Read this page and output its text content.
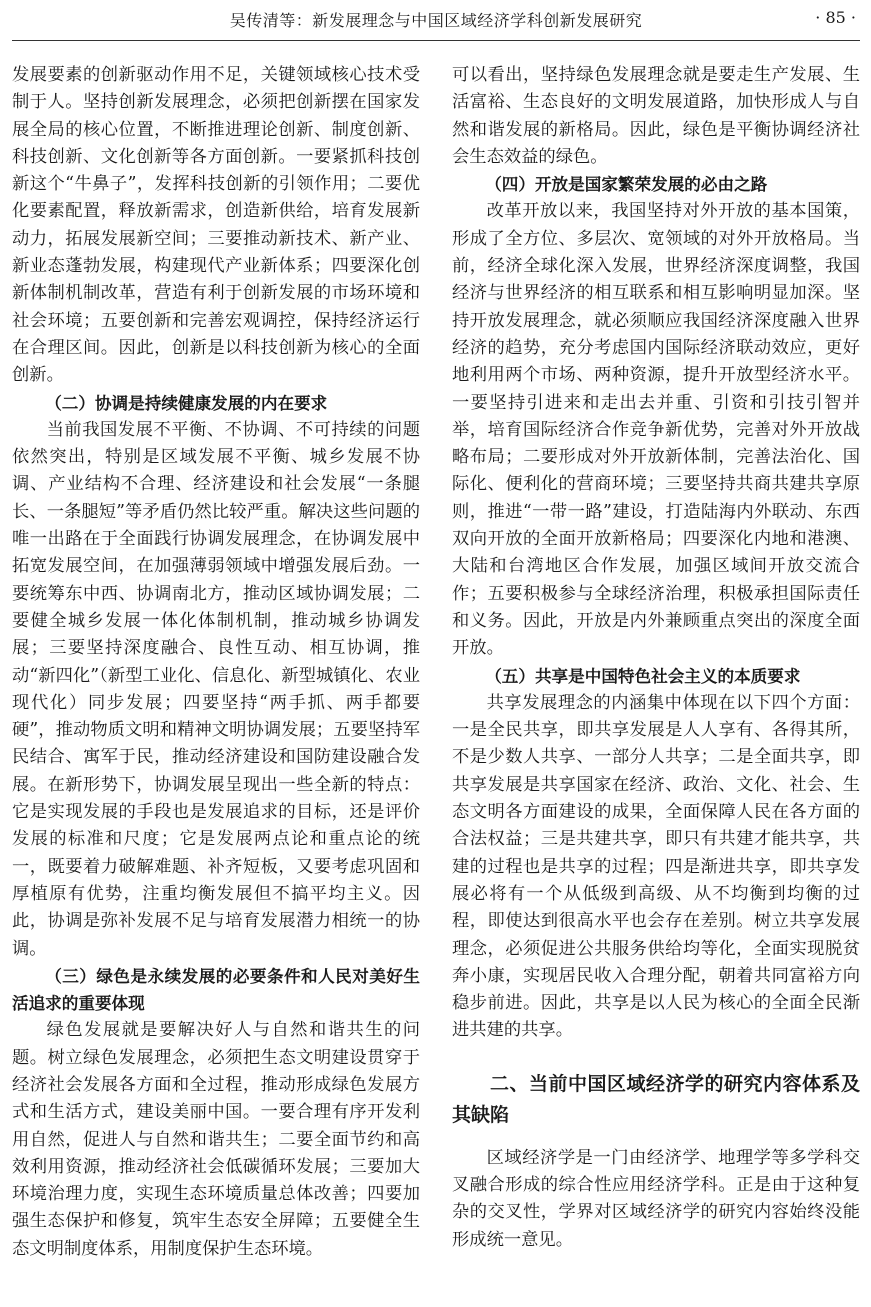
吴传清等：新发展理念与中国区域经济学科创新发展研究	· 85 ·

发展要素的创新驱动作用不足，关键领域核心技术受制于人。坚持创新发展理念，必须把创新摆在国家发展全局的核心位置，不断推进理论创新、制度创新、科技创新、文化创新等各方面创新。一要紧抓科技创新这个“牛鼻子”，发挥科技创新的引领作用；二要优化要素配置，释放新需求，创造新供给，培育发展新动力，拓展发展新空间；三要推动新技术、新产业、新业态蓬勃发展，构建现代产业新体系；四要深化创新体制机制改革，营造有利于创新发展的市场环境和社会环境；五要创新和完善宏观调控，保持经济运行在合理区间。因此，创新是以科技创新为核心的全面创新。

（二）协调是持续健康发展的内在要求

当前我国发展不平衡、不协调、不可持续的问题依然突出，特别是区域发展不平衡、城乡发展不协调、产业结构不合理、经济建设和社会发展“一条腿长、一条腿短”等矛盾仍然比较严重。解决这些问题的唯一出路在于全面践行协调发展理念，在协调发展中拓宽发展空间，在加强薄弱领域中增强发展后劲。一要统筹东中西、协调南北方，推动区域协调发展；二要健全城乡发展一体化体制机制，推动城乡协调发展；三要坚持深度融合、良性互动、相互协调，推动“新四化”（新型工业化、信息化、新型城镇化、农业现代化）同步发展；四要坚持“两手抓、两手都要硬”，推动物质文明和精神文明协调发展；五要坚持军民结合、寓军于民，推动经济建设和国防建设融合发展。在新形势下，协调发展呈现出一些全新的特点：它是实现发展的手段也是发展追求的目标，还是评价发展的标准和尺度；它是发展两点论和重点论的统一，既要着力破解难题、补齐短板，又要考虑巩固和厚植原有优势，注重均衡发展但不搞平均主义。因此，协调是弥补发展不足与培育发展潜力相统一的协调。

（三）绿色是永续发展的必要条件和人民对美好生活追求的重要体现

绿色发展就是要解决好人与自然和谐共生的问题。树立绿色发展理念，必须把生态文明建设贯穿于经济社会发展各方面和全过程，推动形成绿色发展方式和生活方式，建设美丽中国。一要合理有序开发利用自然，促进人与自然和谐共生；二要全面节约和高效利用资源，推动经济社会低碳循环发展；三要加大环境治理力度，实现生态环境质量总体改善；四要加强生态保护和修复，筑牢生态安全屏障；五要健全生态文明制度体系，用制度保护生态环境。

可以看出，坚持绿色发展理念就是要走生产发展、生活富裕、生态良好的文明发展道路，加快形成人与自然和谐发展的新格局。因此，绿色是平衡协调经济社会生态效益的绿色。

（四）开放是国家繁荣发展的必由之路

改革开放以来，我国坚持对外开放的基本国策，形成了全方位、多层次、宽领域的对外开放格局。当前，经济全球化深入发展，世界经济深度调整，我国经济与世界经济的相互联系和相互影响明显加深。坚持开放发展理念，就必须顺应我国经济深度融入世界经济的趋势，充分考虑国内国际经济联动效应，更好地利用两个市场、两种资源，提升开放型经济水平。一要坚持引进来和走出去并重、引资和引技引智并举，培育国际经济合作竞争新优势，完善对外开放战略布局；二要形成对外开放新体制，完善法治化、国际化、便利化的营商环境；三要坚持共商共建共享原则，推进“一带一路”建设，打造陆海内外联动、东西双向开放的全面开放新格局；四要深化内地和港澳、大陆和台湾地区合作发展，加强区域间开放交流合作；五要积极参与全球经济治理，积极承担国际责任和义务。因此，开放是内外兼顾重点突出的深度全面开放。

（五）共享是中国特色社会主义的本质要求

共享发展理念的内涵集中体现在以下四个方面：一是全民共享，即共享发展是人人享有、各得其所，不是少数人共享、一部分人共享；二是全面共享，即共享发展是共享国家在经济、政治、文化、社会、生态文明各方面建设的成果，全面保障人民在各方面的合法权益；三是共建共享，即只有共建才能共享，共建的过程也是共享的过程；四是渐进共享，即共享发展必将有一个从低级到高级、从不均衡到均衡的过程，即使达到很高水平也会存在差别。树立共享发展理念，必须促进公共服务供给均等化，全面实现脱贫奔小康，实现居民收入合理分配，朝着共同富裕方向稳步前进。因此，共享是以人民为核心的全面全民渐进共建的共享。

二、当前中国区域经济学的研究内容体系及其缺陷

区域经济学是一门由经济学、地理学等多学科交叉融合形成的综合性应用经济学科。正是由于这种复杂的交叉性，学界对区域经济学的研究内容始终没能形成统一意见。
